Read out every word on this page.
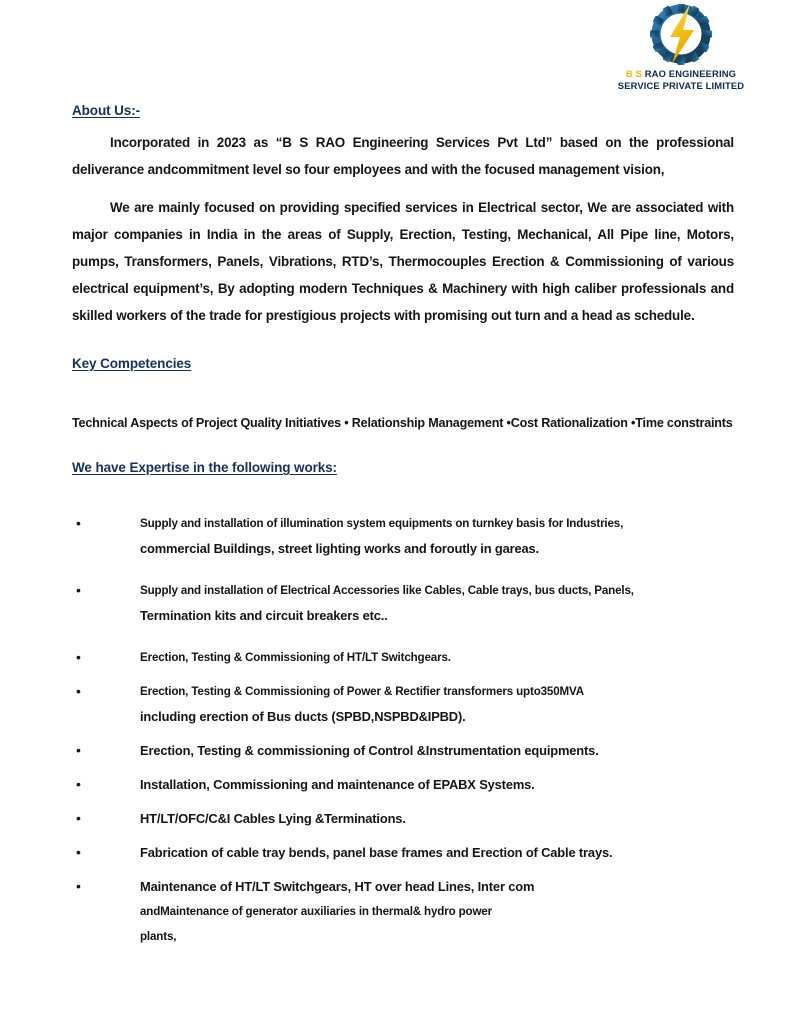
B S RAO ENGINEERING
SERVICE PRIVATE LIMITED
About Us:-

Incorporated in 2023 as “B S RAO Engineering Services Pvt Ltd” based on the professional deliverance andcommitment level so four employees and with the focused management vision,

We are mainly focused on providing specified services in Electrical sector, We are associated with major companies in India in the areas of Supply, Erection, Testing, Mechanical, All Pipe line, Motors, pumps, Transformers, Panels, Vibrations, RTD’s, Thermocouples Erection & Commissioning of various electrical equipment’s, By adopting modern Techniques & Machinery with high caliber professionals and skilled workers of the trade for prestigious projects with promising out turn and a head as schedule.

Key Competencies
Technical Aspects of Project Quality Initiatives • Relationship Management •Cost Rationalization •Time constraints
We have Expertise in the following works:
•	Supply and installation of illumination system equipments on turnkey basis for Industries,
commercial Buildings, street lighting works and foroutly in gareas.
•	Supply and installation of Electrical Accessories like Cables, Cable trays, bus ducts, Panels,
Termination kits and circuit breakers etc..
•	Erection, Testing & Commissioning of HT/LT Switchgears.
•	Erection, Testing & Commissioning of Power & Rectifier transformers upto350MVA
including erection of Bus ducts (SPBD,NSPBD&IPBD).
•	Erection, Testing & commissioning of Control &Instrumentation equipments.
•	Installation, Commissioning and maintenance of EPABX Systems.
•	HT/LT/OFC/C&I Cables Lying &Terminations.
•	Fabrication of cable tray bends, panel base frames and Erection of Cable trays.
•	Maintenance of HT/LT Switchgears, HT over head Lines, Inter com
andMaintenance of generator auxiliaries in thermal& hydro power
plants,
